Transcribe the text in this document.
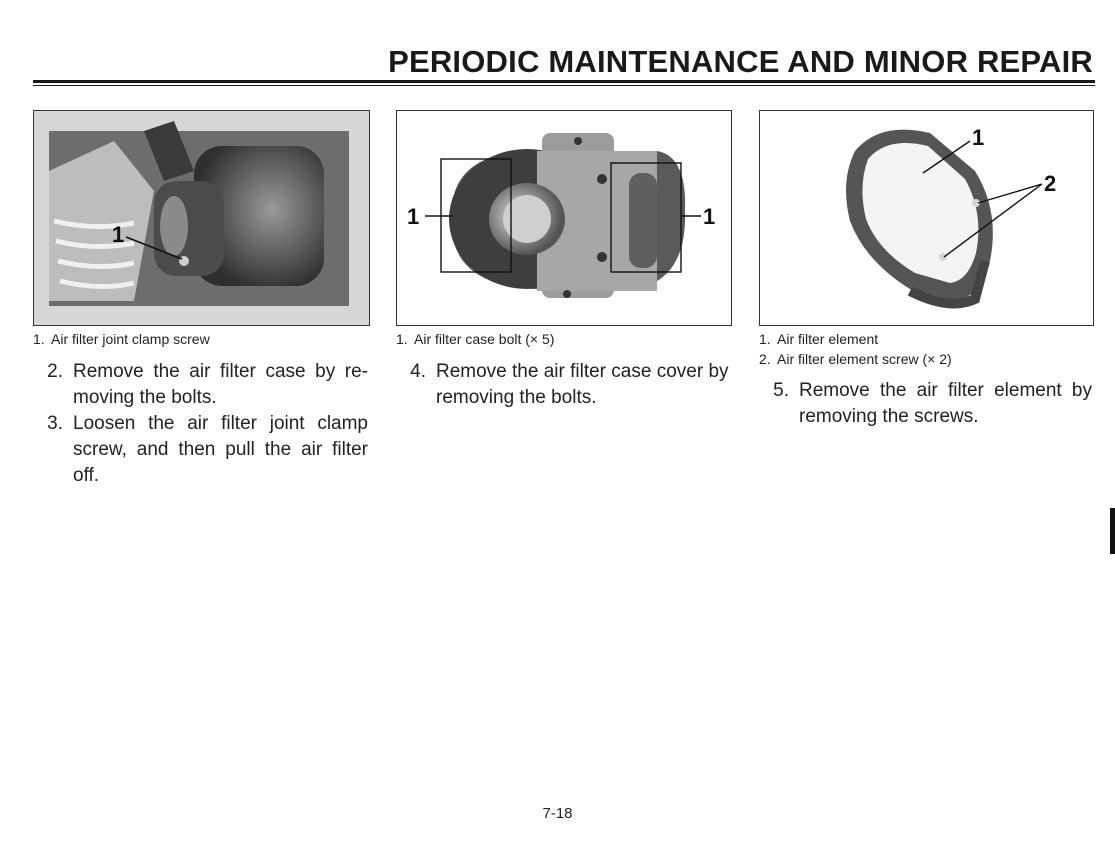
PERIODIC MAINTENANCE AND MINOR REPAIR
1
1	1
1
2
1. Air filter joint clamp screw	1. Air filter case bolt (× 5)	1. Air filter element
2. Air filter element screw (× 2)
2. Remove the air filter case by re-moving the bolts.
3. Loosen the air filter joint clamp screw, and then pull the air filter off.
4. Remove the air filter case cover by removing the bolts.	5. Remove the air filter element by removing the screws.
7-18
